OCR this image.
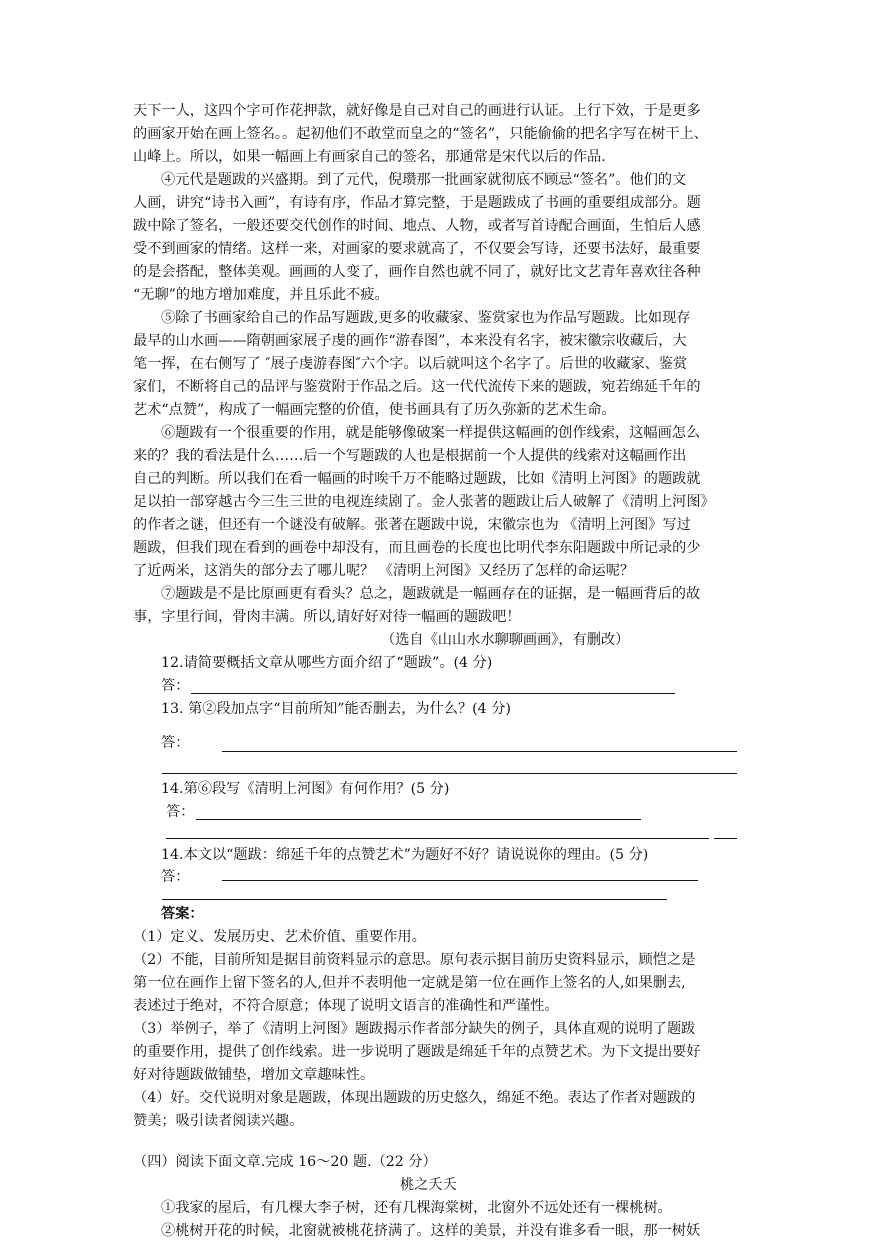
天下一人，这四个字可作花押款，就好像是自己对自己的画进行认证。上行下效，于是更多
的画家开始在画上签名。。起初他们不敢堂而皇之的“签名”，只能偷偷的把名字写在树干上、
山峰上。所以，如果一幅画上有画家自己的签名，那通常是宋代以后的作品.
④元代是题跋的兴盛期。到了元代，倪瓒那一批画家就彻底不顾忌“签名”。他们的文
人画，讲究“诗书入画”，有诗有序，作品才算完整，于是题跋成了书画的重要组成部分。题
跋中除了签名，一般还要交代创作的时间、地点、人物，或者写首诗配合画面，生怕后人感
受不到画家的情绪。这样一来，对画家的要求就高了，不仅要会写诗，还要书法好，最重要
的是会搭配，整体美观。画画的人变了，画作自然也就不同了，就好比文艺青年喜欢往各种
“无聊”的地方增加难度，并且乐此不疲。
⑤除了书画家给自己的作品写题跋,更多的收藏家、鉴赏家也为作品写题跋。比如现存
最早的山水画——隋朝画家展子虔的画作“游春图”，本来没有名字，被宋徽宗收藏后，大
笔一挥，在右侧写了 ″展子虔游春图″六个字。以后就叫这个名字了。后世的收藏家、鉴赏
家们，不断将自己的品评与鉴赏附于作品之后。这一代代流传下来的题跋，宛若绵延千年的
艺术“点赞”，构成了一幅画完整的价值，使书画具有了历久弥新的艺术生命。
⑥题跋有一个很重要的作用，就是能够像破案一样提供这幅画的创作线索，这幅画怎么
来的？我的看法是什么……后一个写题跋的人也是根据前一个人提供的线索对这幅画作出
自己的判断。所以我们在看一幅画的时唉千万不能略过题跋，比如《清明上河图》的题跋就
足以拍一部穿越古今三生三世的电视连续剧了。金人张著的题跋让后人破解了《清明上河图》
的作者之谜，但还有一个谜没有破解。张著在题跋中说，宋徽宗也为 《清明上河图》写过
题跋，但我们现在看到的画卷中却没有，而且画卷的长度也比明代李东阳题跋中所记录的少
了近两米，这消失的部分去了哪儿呢？ 《清明上河图》又经历了怎样的命运呢？
⑦题跋是不是比原画更有看头？总之，题跋就是一幅画存在的证据，是一幅画背后的故
事，字里行间，骨肉丰满。所以,请好好对待一幅画的题跋吧！
（选自《山山水水聊聊画画》，有删改）
12.请简要概括文章从哪些方面介绍了“题跋”。(4 分)
答：
13. 第②段加点字“目前所知”能否删去，为什么？(4 分)
答：
14.第⑥段写《清明上河图》有何作用？(5 分)
答：
14.本文以“题跋：绵延千年的点赞艺术”为题好不好？请说说你的理由。(5 分)
答：
答案：
（1）定义、发展历史、艺术价值、重要作用。
（2）不能，目前所知是据目前资料显示的意思。原句表示据目前历史资料显示，顾恺之是
第一位在画作上留下签名的人,但并不表明他一定就是第一位在画作上签名的人,如果删去,
表述过于绝对，不符合原意；体现了说明文语言的准确性和严谨性。
（3）举例子，举了《清明上河图》题跋揭示作者部分缺失的例子，具体直观的说明了题跋
的重要作用，提供了创作线索。进一步说明了题跋是绵延千年的点赞艺术。为下文提出要好
好对待题跋做铺垫，增加文章趣味性。
（4）好。交代说明对象是题跋，体现出题跋的历史悠久，绵延不绝。表达了作者对题跋的
赞美；吸引读者阅读兴趣。
（四）阅读下面文章.完成 16～20 题.（22 分）
桃之夭夭
①我家的屋后，有几棵大李子树，还有几棵海棠树，北窗外不远处还有一棵桃树。
②桃树开花的时候，北窗就被桃花挤满了。这样的美景，并没有谁多看一眼，那一树妖
